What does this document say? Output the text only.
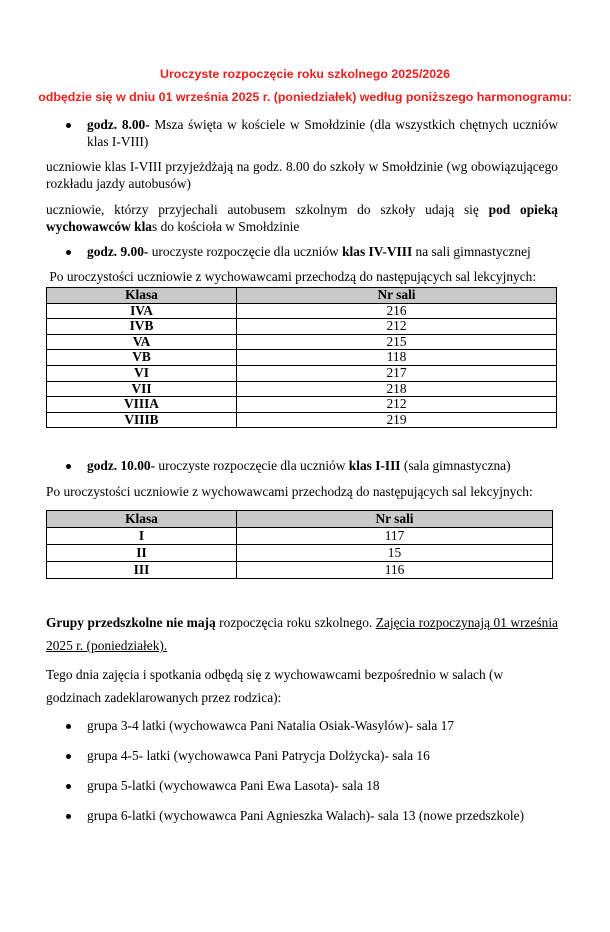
Uroczyste rozpoczęcie roku szkolnego 2025/2026
odbędzie się w dniu 01 września 2025 r. (poniedziałek) według poniższego harmonogramu:
godz. 8.00- Msza święta w kościele w Smołdzinie (dla wszystkich chętnych uczniów klas I-VIII)
uczniowie klas I-VIII przyjeżdżają na godz. 8.00 do szkoły w Smołdzinie (wg obowiązującego rozkładu jazdy autobusów)
uczniowie, którzy przyjechali autobusem szkolnym do szkoły udają się pod opieką wychowawców klas do kościoła w Smołdzinie
godz. 9.00- uroczyste rozpoczęcie dla uczniów klas IV-VIII na sali gimnastycznej
Po uroczystości uczniowie z wychowawcami przechodzą do następujących sal lekcyjnych:
Klasa	Nr sali
IVA	216
IVB	212
VA	215
VB	118
VI	217
VII	218
VIIIA	212
VIIIB	219
godz. 10.00- uroczyste rozpoczęcie dla uczniów klas I-III (sala gimnastyczna)
Po uroczystości uczniowie z wychowawcami przechodzą do następujących sal lekcyjnych:
Klasa	Nr sali
I	117
II	15
III	116
Grupy przedszkolne nie mają rozpoczęcia roku szkolnego. Zajęcia rozpoczynają 01 września 2025 r. (poniedziałek).
Tego dnia zajęcia i spotkania odbędą się z wychowawcami bezpośrednio w salach (w godzinach zadeklarowanych przez rodzica):
grupa 3-4 latki (wychowawca Pani Natalia Osiak-Wasylów)- sala 17
grupa 4-5- latki (wychowawca Pani Patrycja Dolżycka)- sala 16
grupa 5-latki (wychowawca Pani Ewa Lasota)- sala 18
grupa 6-latki (wychowawca Pani Agnieszka Walach)- sala 13 (nowe przedszkole)
